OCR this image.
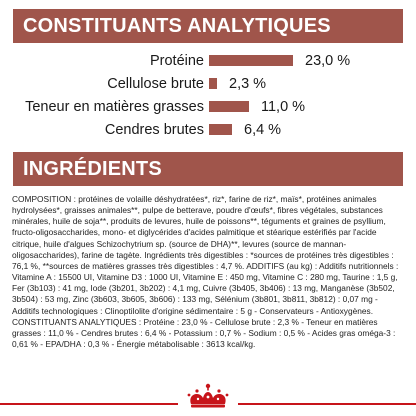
CONSTITUANTS ANALYTIQUES
Protéine	23,0 %
Cellulose brute 2,3 %
Teneur en matières grasses	11,0 %
Cendres brutes	6,4 %
INGRÉDIENTS

COMPOSITION : protéines de volaille déshydratées*, riz*, farine de riz*, maïs*, protéines animales hydrolysées*, graisses animales**, pulpe de betterave, poudre d'œufs*, fibres végétales, substances minérales, huile de soja**, produits de levures, huile de poissons**, téguments et graines de psyllium, fructo-oligosaccharides, mono- et diglycérides d'acides palmitique et stéarique estérifiés par l'acide citrique, huile d'algues Schizochytrium sp. (source de DHA)**, levures (source de mannan-oligosaccharides), farine de tagète. Ingrédients très digestibles : *sources de protéines très digestibles : 76,1 %, **sources de matières grasses très digestibles : 4,7 %. ADDITIFS (au kg) : Additifs nutritionnels : Vitamine A : 15500 UI, Vitamine D3 : 1000 UI, Vitamine E : 450 mg, Vitamine C : 280 mg, Taurine : 1,5 g, Fer (3b103) : 41 mg, Iode (3b201, 3b202) : 4,1 mg, Cuivre (3b405, 3b406) : 13 mg, Manganèse (3b502, 3b504) : 53 mg, Zinc (3b603, 3b605, 3b606) : 133 mg, Sélénium (3b801, 3b811, 3b812) : 0,07 mg - Additifs technologiques : Clinoptilolite d'origine sédimentaire : 5 g - Conservateurs - Antioxygènes. CONSTITUANTS ANALYTIQUES : Protéine : 23,0 % - Cellulose brute : 2,3 % - Teneur en matières grasses : 11,0 % - Cendres brutes : 6,4 % - Potassium : 0,7 % - Sodium : 0,5 % - Acides gras oméga-3 : 0,61 % - EPA/DHA : 0,3 % - Énergie métabolisable : 3613 kcal/kg.
